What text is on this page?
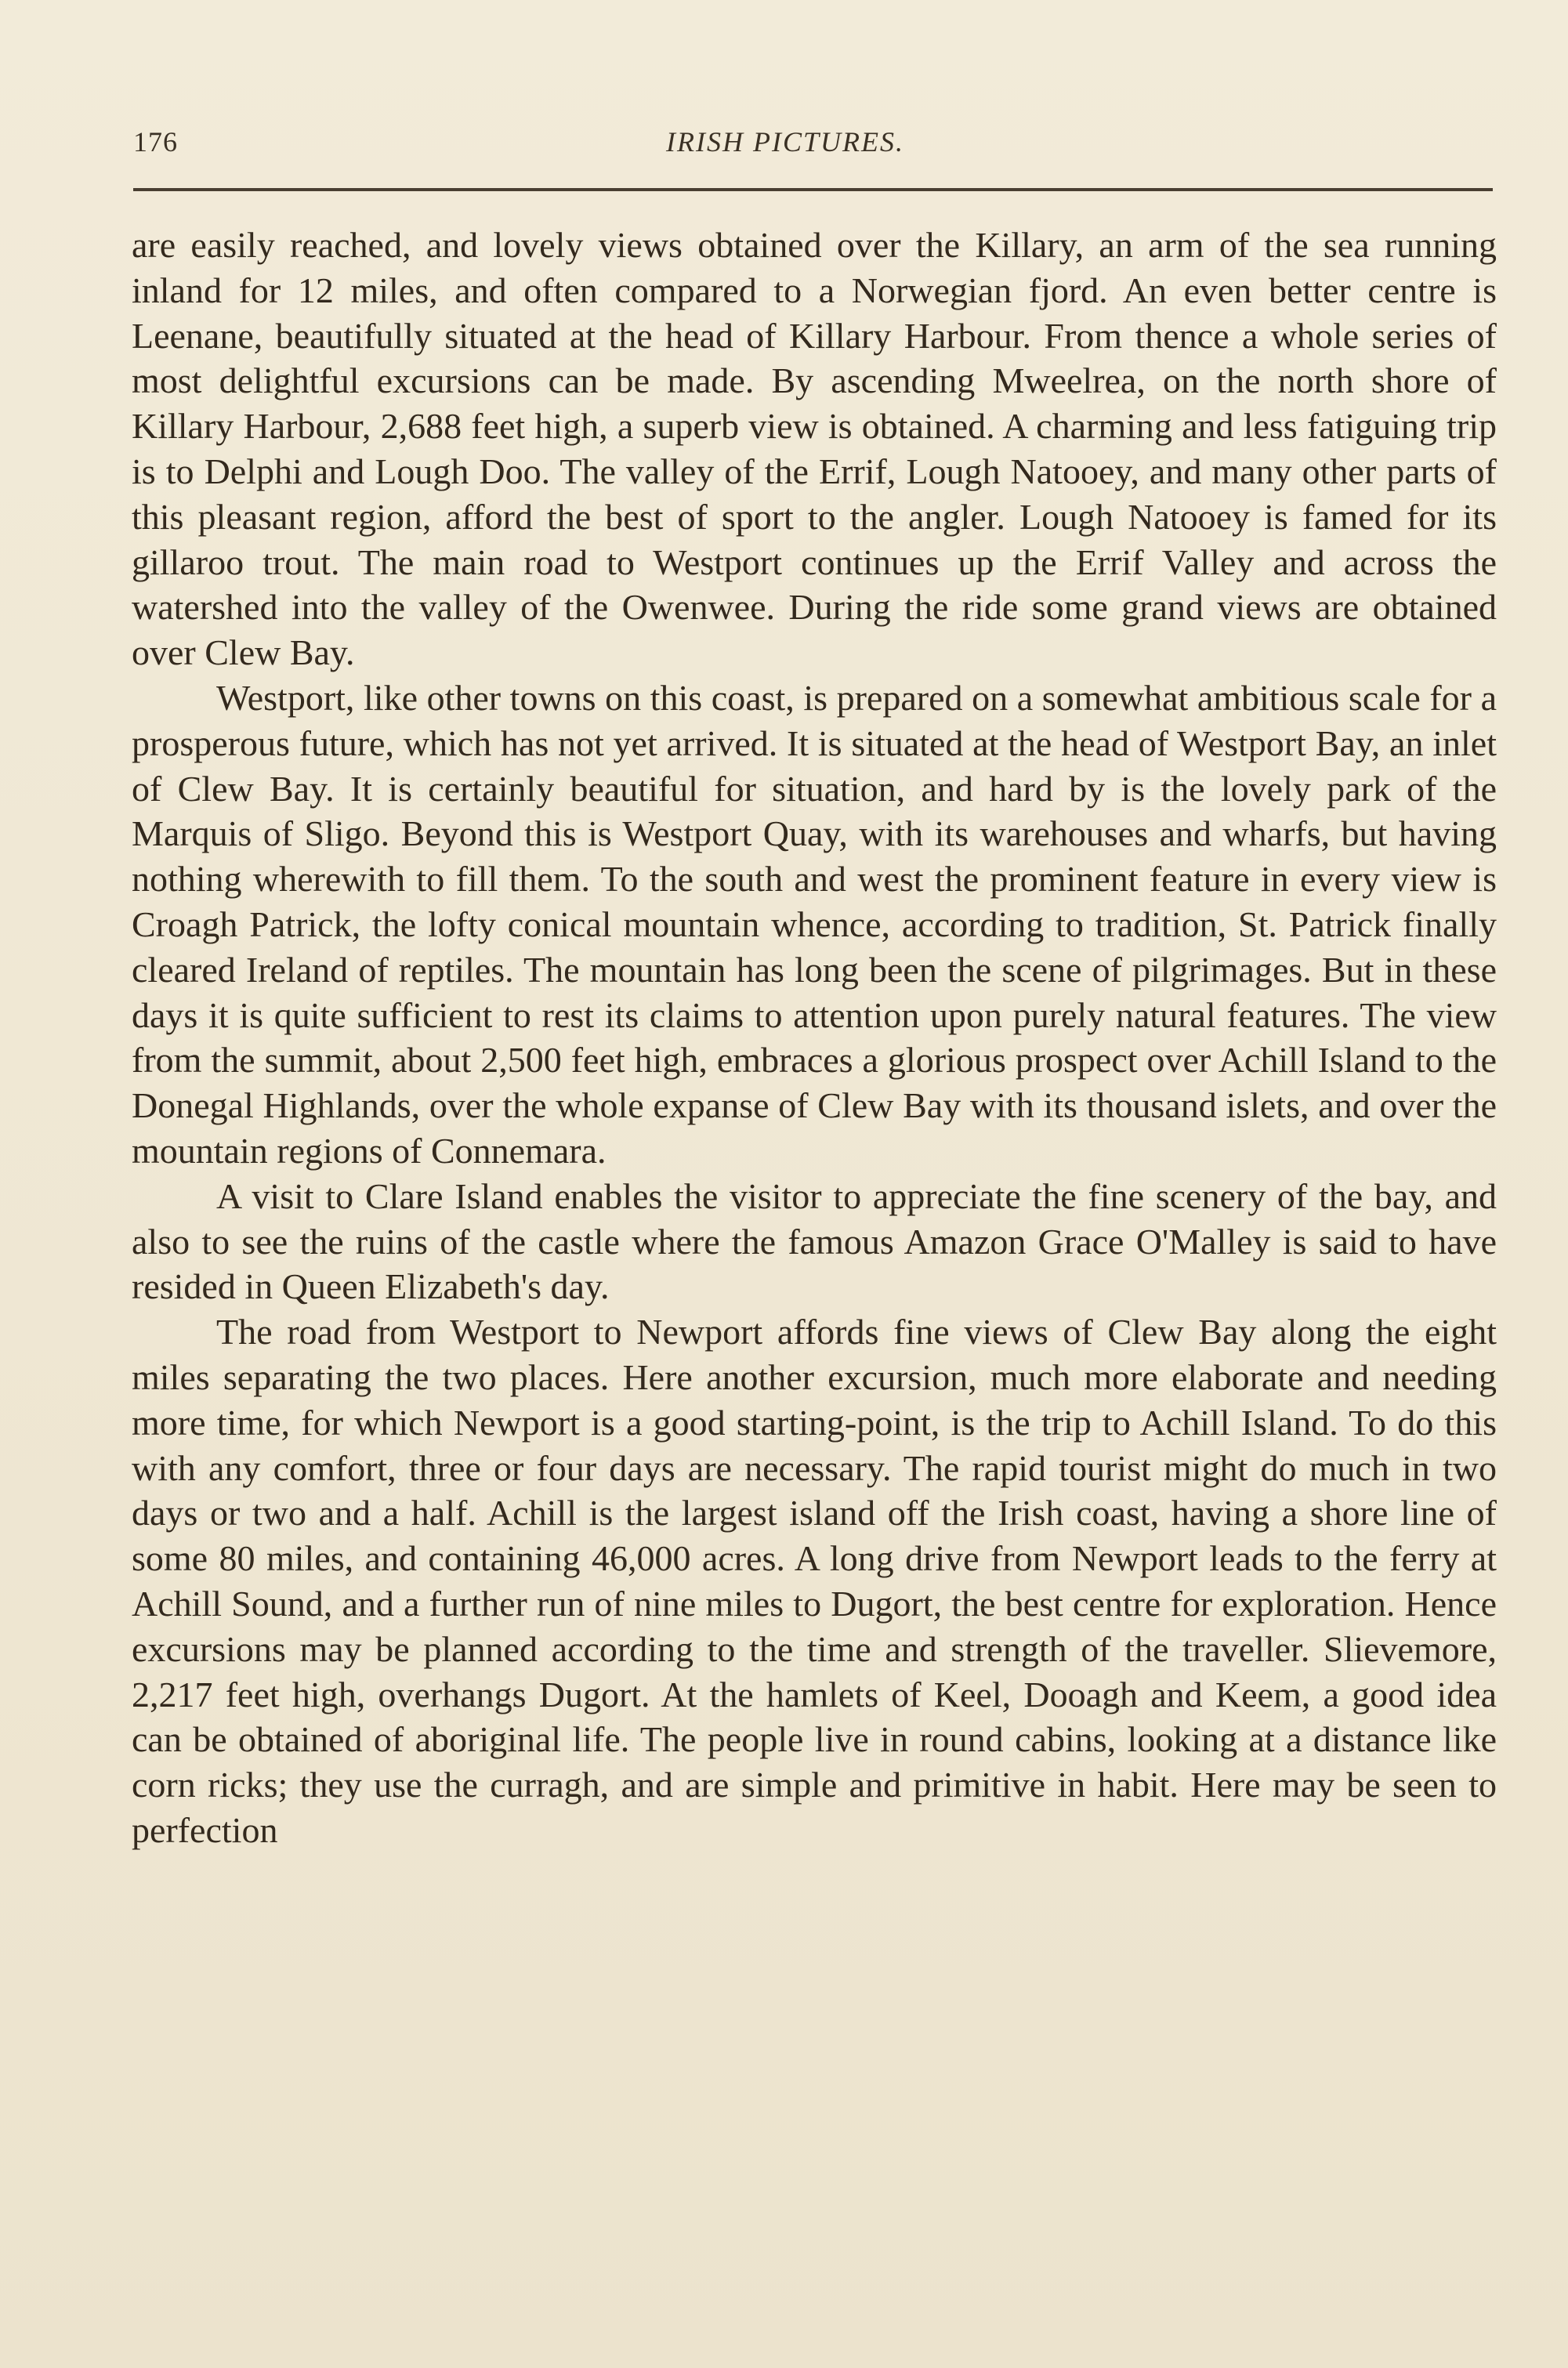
176	IRISH PICTURES.

are easily reached, and lovely views obtained over the Killary, an arm of the sea running inland for 12 miles, and often compared to a Norwegian fjord. An even better centre is Leenane, beautifully situated at the head of Killary Harbour. From thence a whole series of most delightful excursions can be made. By ascending Mweelrea, on the north shore of Killary Harbour, 2,688 feet high, a superb view is obtained. A charming and less fatiguing trip is to Delphi and Lough Doo. The valley of the Errif, Lough Natooey, and many other parts of this pleasant region, afford the best of sport to the angler. Lough Natooey is famed for its gillaroo trout. The main road to Westport continues up the Errif Valley and across the watershed into the valley of the Owenwee. During the ride some grand views are obtained over Clew Bay.

Westport, like other towns on this coast, is prepared on a somewhat ambitious scale for a prosperous future, which has not yet arrived. It is situated at the head of Westport Bay, an inlet of Clew Bay. It is certainly beautiful for situation, and hard by is the lovely park of the Marquis of Sligo. Beyond this is Westport Quay, with its warehouses and wharfs, but having nothing wherewith to fill them. To the south and west the prominent feature in every view is Croagh Patrick, the lofty conical mountain whence, according to tradition, St. Patrick finally cleared Ireland of reptiles. The mountain has long been the scene of pilgrimages. But in these days it is quite sufficient to rest its claims to attention upon purely natural features. The view from the summit, about 2,500 feet high, embraces a glorious prospect over Achill Island to the Donegal Highlands, over the whole expanse of Clew Bay with its thousand islets, and over the mountain regions of Connemara.

A visit to Clare Island enables the visitor to appreciate the fine scenery of the bay, and also to see the ruins of the castle where the famous Amazon Grace O'Malley is said to have resided in Queen Elizabeth's day.

The road from Westport to Newport affords fine views of Clew Bay along the eight miles separating the two places. Here another excursion, much more elaborate and needing more time, for which Newport is a good starting-point, is the trip to Achill Island. To do this with any comfort, three or four days are necessary. The rapid tourist might do much in two days or two and a half. Achill is the largest island off the Irish coast, having a shore line of some 80 miles, and containing 46,000 acres. A long drive from Newport leads to the ferry at Achill Sound, and a further run of nine miles to Dugort, the best centre for exploration. Hence excursions may be planned according to the time and strength of the traveller. Slievemore, 2,217 feet high, overhangs Dugort. At the hamlets of Keel, Dooagh and Keem, a good idea can be obtained of aboriginal life. The people live in round cabins, looking at a distance like corn ricks; they use the curragh, and are simple and primitive in habit. Here may be seen to perfection
